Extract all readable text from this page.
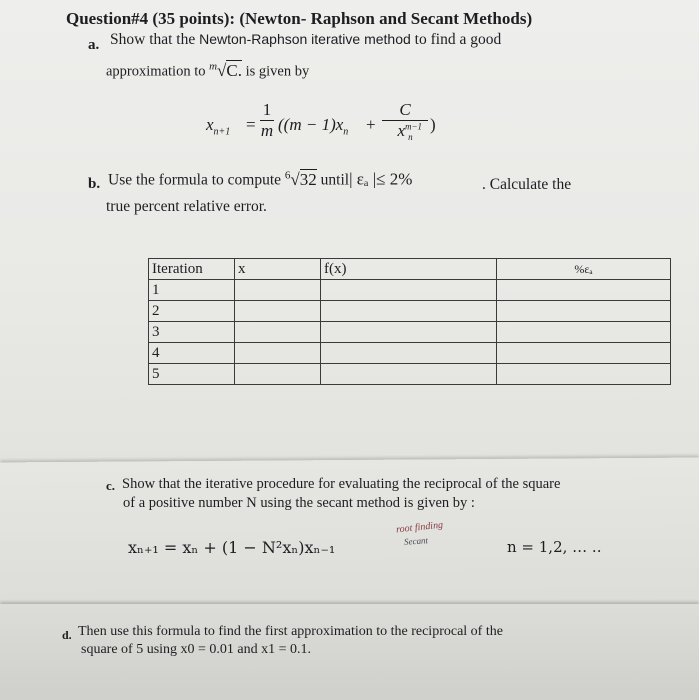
Question#4 (35 points): (Newton- Raphson and Secant Methods)
a. Show that the Newton-Raphson iterative method to find a good
approximation to $^m$√C. is given by
$x_{n+1} = \frac{1}{m} ((m - 1)x_n + \frac{C}{x^{m-1}_n}$ )
b. Use the formula to compute $^6$√32 until| εₐ |≤ 2%	. Calculate the
true percent relative error.
Iteration	x	f(x)	%εₐ
1			
2			
3			
4			
5			
c. Show that the iterative procedure for evaluating the reciprocal of the square
of a positive number N using the secant method is given by :
xₙ₊₁ = xₙ + (1 − N²xₙ)xₙ₋₁	n = 1,2, … ..
root finding
Secant
d. Then use this formula to find the first approximation to the reciprocal of the
square of 5 using x0 = 0.01 and x1 = 0.1.
